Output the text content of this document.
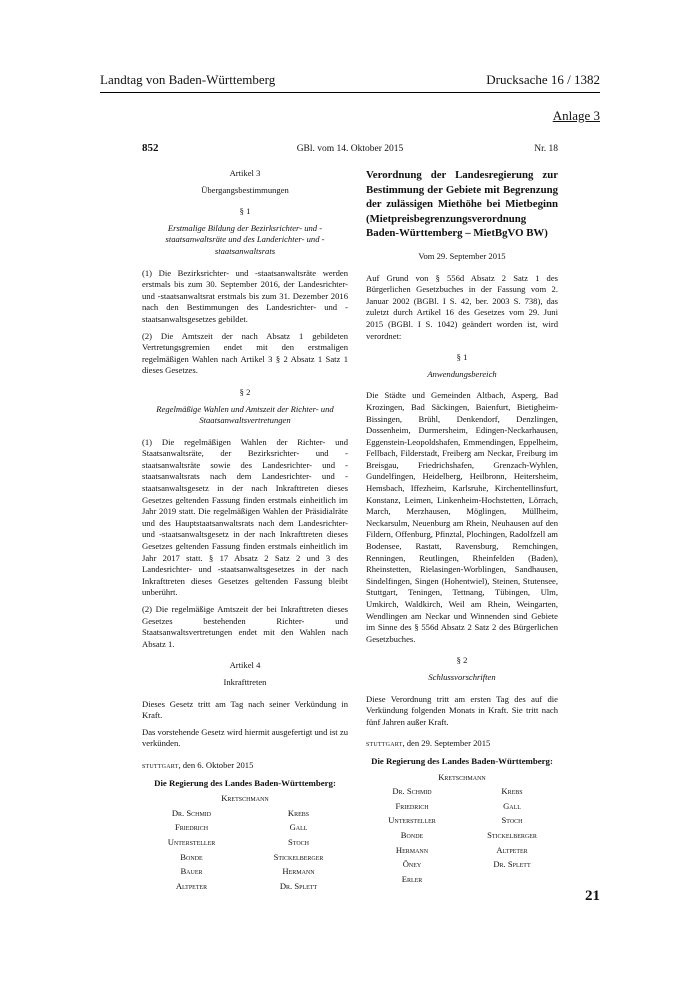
Landtag von Baden-Württemberg	Drucksache 16 / 1382
Anlage 3
852	GBl. vom 14. Oktober 2015	Nr. 18

Artikel 3

Übergangsbestimmungen

§ 1

Erstmalige Bildung der Bezirksrichter- und -staatsanwaltsräte und des Landerichter- und -staatsanwaltsrats

(1) Die Bezirksrichter- und -staatsanwaltsräte werden erstmals bis zum 30. September 2016, der Landesrichter- und -staatsanwaltsrat erstmals bis zum 31. Dezember 2016 nach den Bestimmungen des Landesrichter- und -staatsanwaltsgesetzes gebildet.

(2) Die Amtszeit der nach Absatz 1 gebildeten Vertretungsgremien endet mit den erstmaligen regelmäßigen Wahlen nach Artikel 3 § 2 Absatz 1 Satz 1 dieses Gesetzes.

§ 2

Regelmäßige Wahlen und Amtszeit der Richter- und Staatsanwaltsvertretungen

(1) Die regelmäßigen Wahlen der Richter- und Staatsanwaltsräte, der Bezirksrichter- und -staatsanwaltsräte sowie des Landesrichter- und -staatsanwaltsrats nach dem Landesrichter- und -staatsanwaltsgesetz in der nach Inkrafttreten dieses Gesetzes geltenden Fassung finden erstmals einheitlich im Jahr 2019 statt. Die regelmäßigen Wahlen der Präsidialräte und des Hauptstaatsanwaltsrats nach dem Landesrichter- und -staatsanwaltsgesetz in der nach Inkrafttreten dieses Gesetzes geltenden Fassung finden erstmals einheitlich im Jahr 2017 statt. § 17 Absatz 2 Satz 2 und 3 des Landesrichter- und -staatsanwaltsgesetzes in der nach Inkrafttreten dieses Gesetzes geltenden Fassung bleibt unberührt.

(2) Die regelmäßige Amtszeit der bei Inkrafttreten dieses Gesetzes bestehenden Richter- und Staatsanwaltsvertretungen endet mit den Wahlen nach Absatz 1.

Artikel 4

Inkrafttreten

Dieses Gesetz tritt am Tag nach seiner Verkündung in Kraft.

Das vorstehende Gesetz wird hiermit ausgefertigt und ist zu verkünden.

stuttgart, den 6. Oktober 2015

Die Regierung des Landes Baden-Württemberg:
Kretschmann
Dr. Schmid	Krebs
Friedrich	Gall
Untersteller	Stoch
Bonde	Stickelberger
Bauer	Hermann
Altpeter	Dr. Splett

Verordnung der Landesregierung zur Bestimmung der Gebiete mit Begrenzung der zulässigen Miethöhe bei Mietbeginn (Mietpreisbegrenzungsverordnung Baden-Württemberg – MietBgVO BW)

Vom 29. September 2015

Auf Grund von § 556d Absatz 2 Satz 1 des Bürgerlichen Gesetzbuches in der Fassung vom 2. Januar 2002 (BGBl. I S. 42, ber. 2003 S. 738), das zuletzt durch Artikel 16 des Gesetzes vom 29. Juni 2015 (BGBl. I S. 1042) geändert worden ist, wird verordnet:

§ 1

Anwendungsbereich

Die Städte und Gemeinden Altbach, Asperg, Bad Krozingen, Bad Säckingen, Baienfurt, Bietigheim-Bissingen, Brühl, Denkendorf, Denzlingen, Dossenheim, Durmersheim, Edingen-Neckarhausen, Eggenstein-Leopoldshafen, Emmendingen, Eppelheim, Fellbach, Filderstadt, Freiberg am Neckar, Freiburg im Breisgau, Friedrichshafen, Grenzach-Wyhlen, Gundelfingen, Heidelberg, Heilbronn, Heitersheim, Hemsbach, Iffezheim, Karlsruhe, Kirchentellinsfurt, Konstanz, Leimen, Linkenheim-Hochstetten, Lörrach, March, Merzhausen, Möglingen, Müllheim, Neckarsulm, Neuenburg am Rhein, Neuhausen auf den Fildern, Offenburg, Pfinztal, Plochingen, Radolfzell am Bodensee, Rastatt, Ravensburg, Remchingen, Renningen, Reutlingen, Rheinfelden (Baden), Rheinstetten, Rielasingen-Worblingen, Sandhausen, Sindelfingen, Singen (Hohentwiel), Steinen, Stutensee, Stuttgart, Teningen, Tettnang, Tübingen, Ulm, Umkirch, Waldkirch, Weil am Rhein, Weingarten, Wendlingen am Neckar und Winnenden sind Gebiete im Sinne des § 556d Absatz 2 Satz 2 des Bürgerlichen Gesetzbuches.

§ 2

Schlussvorschriften

Diese Verordnung tritt am ersten Tag des auf die Verkündung folgenden Monats in Kraft. Sie tritt nach fünf Jahren außer Kraft.

stuttgart, den 29. September 2015

Die Regierung des Landes Baden-Württemberg:
Kretschmann
Dr. Schmid	Krebs
Friedrich	Gall
Untersteller	Stoch
Bonde	Stickelberger
Hermann	Altpeter
Öney	Dr. Splett
Erler
21
